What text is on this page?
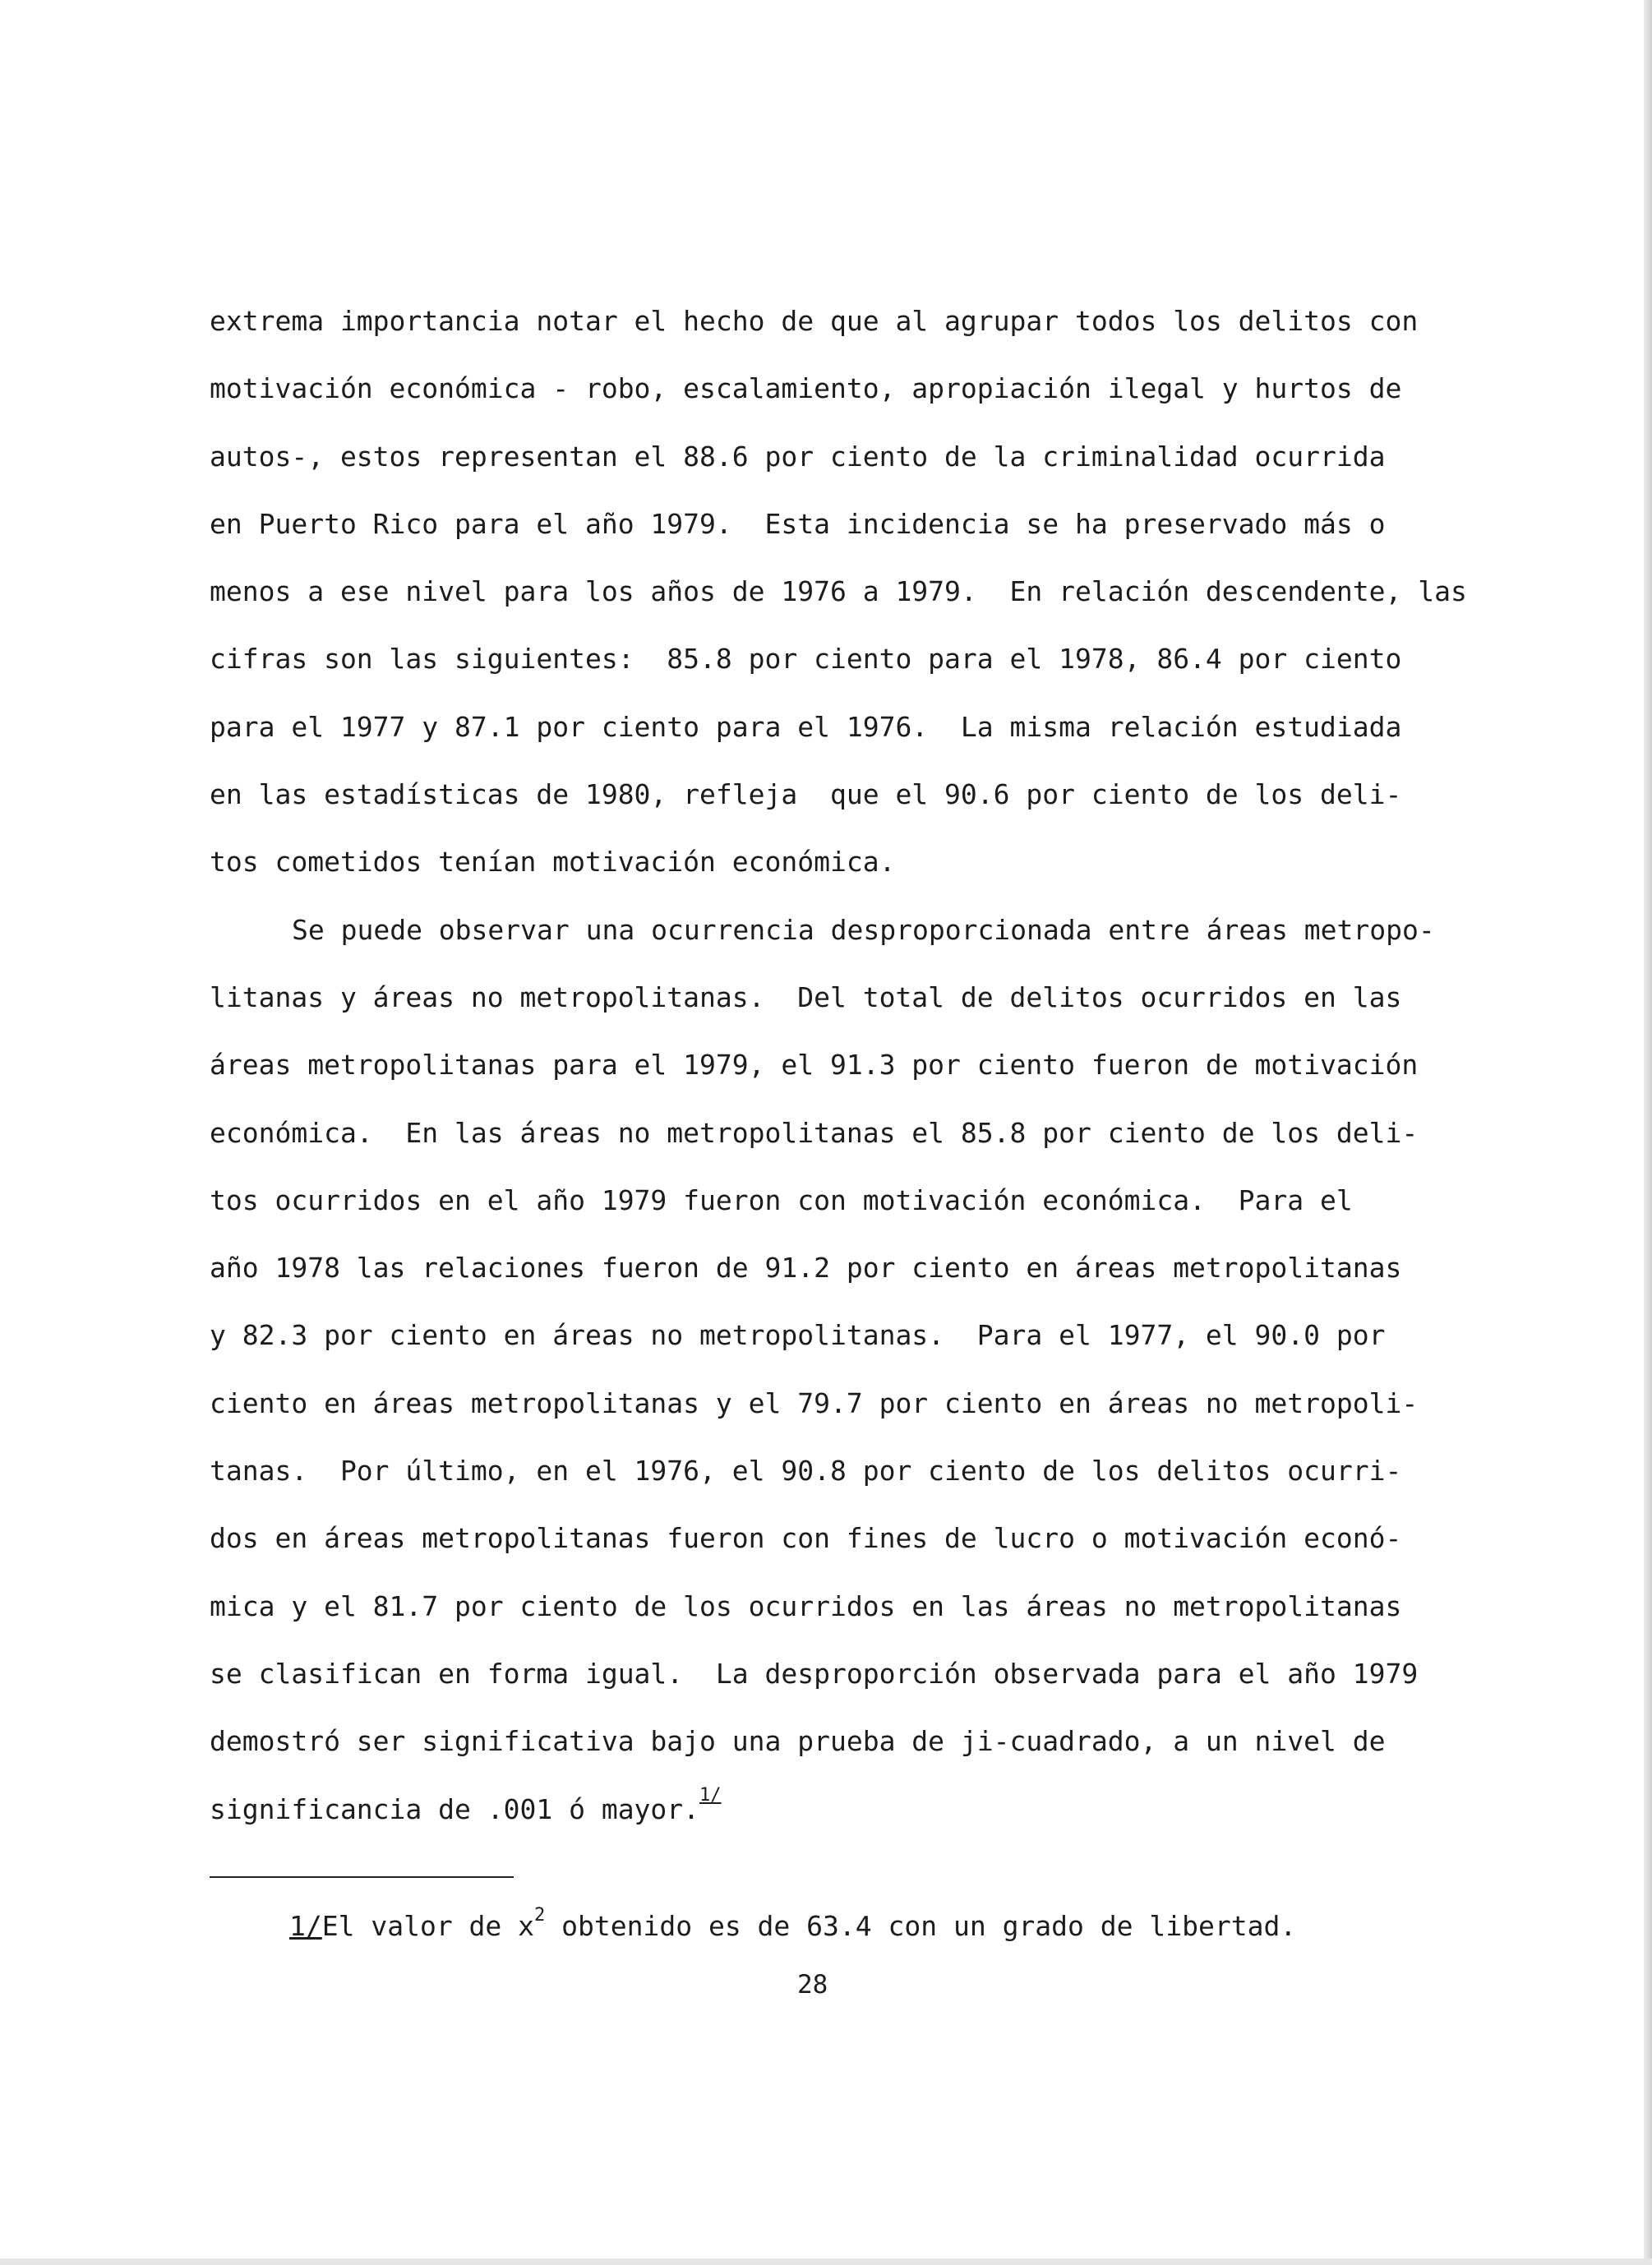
extrema importancia notar el hecho de que al agrupar todos los delitos con
motivación económica - robo, escalamiento, apropiación ilegal y hurtos de
autos-, estos representan el 88.6 por ciento de la criminalidad ocurrida
en Puerto Rico para el año 1979.  Esta incidencia se ha preservado más o
menos a ese nivel para los años de 1976 a 1979.  En relación descendente, las
cifras son las siguientes:  85.8 por ciento para el 1978, 86.4 por ciento
para el 1977 y 87.1 por ciento para el 1976.  La misma relación estudiada
en las estadísticas de 1980, refleja  que el 90.6 por ciento de los deli-
tos cometidos tenían motivación económica.
Se puede observar una ocurrencia desproporcionada entre áreas metropo-
litanas y áreas no metropolitanas.  Del total de delitos ocurridos en las
áreas metropolitanas para el 1979, el 91.3 por ciento fueron de motivación
económica.  En las áreas no metropolitanas el 85.8 por ciento de los deli-
tos ocurridos en el año 1979 fueron con motivación económica.  Para el
año 1978 las relaciones fueron de 91.2 por ciento en áreas metropolitanas
y 82.3 por ciento en áreas no metropolitanas.  Para el 1977, el 90.0 por
ciento en áreas metropolitanas y el 79.7 por ciento en áreas no metropoli-
tanas.  Por último, en el 1976, el 90.8 por ciento de los delitos ocurri-
dos en áreas metropolitanas fueron con fines de lucro o motivación econó-
mica y el 81.7 por ciento de los ocurridos en las áreas no metropolitanas
se clasifican en forma igual.  La desproporción observada para el año 1979
demostró ser significativa bajo una prueba de ji-cuadrado, a un nivel de
significancia de .001 ó mayor.$^{1/}$
1/El valor de $x^2$ obtenido es de 63.4 con un grado de libertad.
28
